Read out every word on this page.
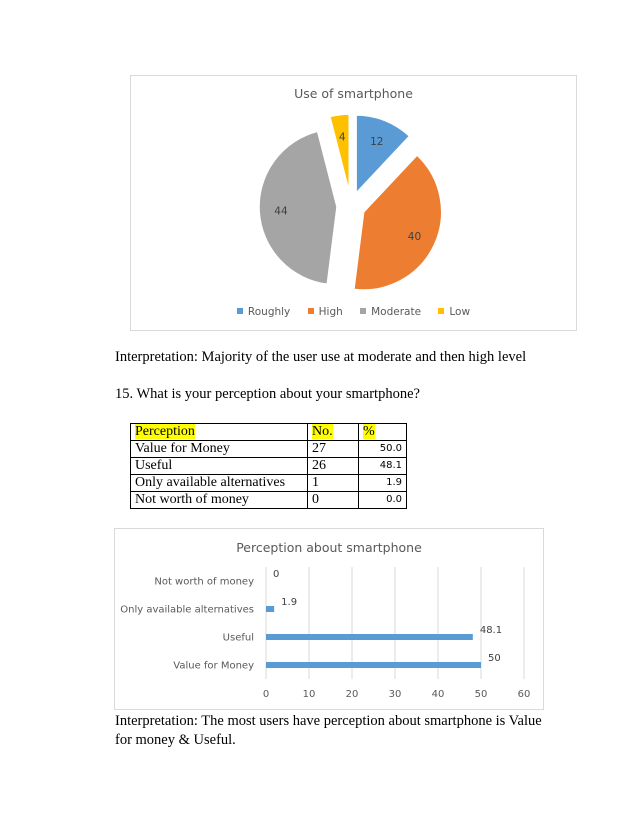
Use of smartphone
12
40
44
4
Roughly	High	Moderate	Low
Interpretation: Majority of the user use at moderate and then high level
15. What is your perception about your smartphone?
Perception	No.	%
Value for Money	27	50.0
Useful	26	48.1
Only available alternatives	1	1.9
Not worth of money	0	0.0
Perception about smartphone
0	10	20	30	40	50	60
Value for Money
50
Useful
48.1
Only available alternatives
1.9
Not worth of money
0
Interpretation: The most users have perception about smartphone is Value for money & Useful.
